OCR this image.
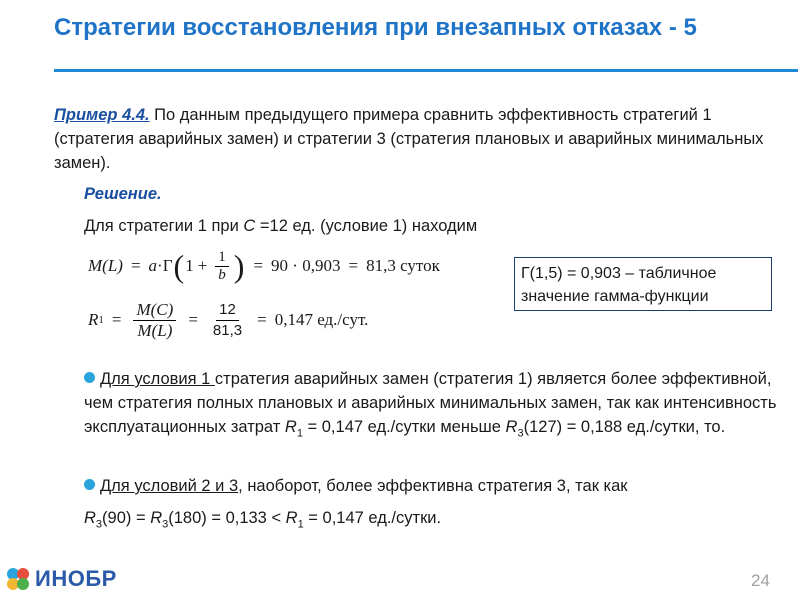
Стратегии восстановления при внезапных отказах - 5
Пример 4.4. По данным предыдущего примера сравнить эффективность стратегий 1 (стратегия аварийных замен) и стратегии 3 (стратегия плановых и аварийных минимальных замен).
Решение.
Для стратегии 1 при C =12 ед. (условие 1) находим
M(L) = a · Γ ( $1 + \frac{1}{b}$ ) = 90 · 0,903 = 81,3 суток
R $1 = \frac{M(C)}{M(L)} = \frac{12}{81,3} = 0,147$ ед./сут.
Г(1,5) = 0,903 – табличное значение гамма-функции
Для условия 1 стратегия аварийных замен (стратегия 1) является более эффективной, чем стратегия полных плановых и аварийных минимальных замен, так как интенсивность эксплуатационных затрат $R_1 = 0,147$ ед./сутки меньше $R_3(127) = 0,188$ ед./сутки, то.
Для условий 2 и 3, наоборот, более эффективна стратегия 3, так как
$R_3(90) = R_3(180) = 0,133 < R_1 = 0,147$ ед./сутки.
ИНОБР	24
